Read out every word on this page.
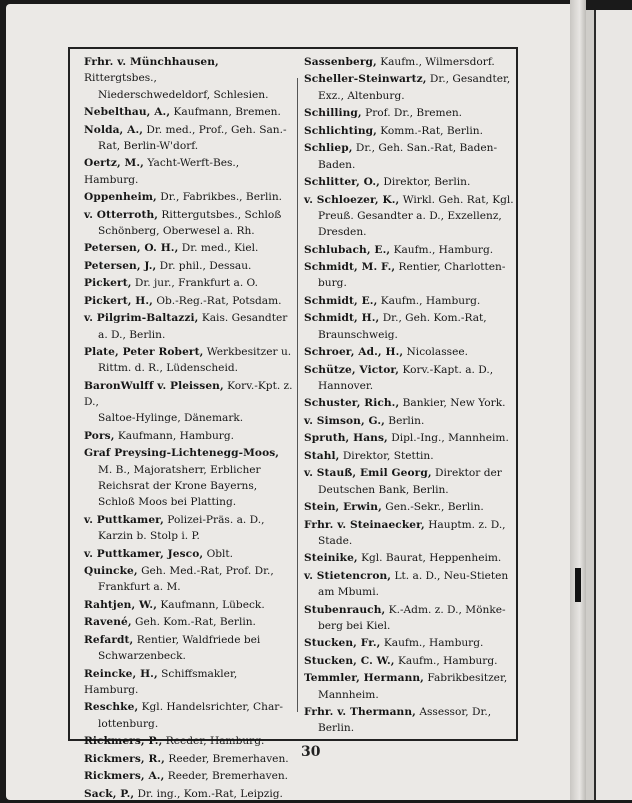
Frhr. v. Münchhausen, Rittergtsbes.,
Niederschwedeldorf, Schlesien.
Nebelthau, A., Kaufmann, Bremen.
Nolda, A., Dr. med., Prof., Geh. San.-
Rat, Berlin-W'dorf.
Oertz, M., Yacht-Werft-Bes., Hamburg.
Oppenheim, Dr., Fabrikbes., Berlin.
v. Otterroth, Rittergutsbes., Schloß
Schönberg, Oberwesel a. Rh.
Petersen, O. H., Dr. med., Kiel.
Petersen, J., Dr. phil., Dessau.
Pickert, Dr. jur., Frankfurt a. O.
Pickert, H., Ob.-Reg.-Rat, Potsdam.
v. Pilgrim-Baltazzi, Kais. Gesandter
a. D., Berlin.
Plate, Peter Robert, Werkbesitzer u.
Rittm. d. R., Lüdenscheid.
BaronWulff v. Pleissen, Korv.-Kpt. z. D.,
Saltoe-Hylinge, Dänemark.
Pors, Kaufmann, Hamburg.
Graf Preysing-Lichtenegg-Moos,
M. B., Majoratsherr, Erblicher Reichsrat der Krone Bayerns, Schloß Moos bei Platting.
v. Puttkamer, Polizei-Präs. a. D.,
Karzin b. Stolp i. P.
v. Puttkamer, Jesco, Oblt.
Quincke, Geh. Med.-Rat, Prof. Dr.,
Frankfurt a. M.
Rahtjen, W., Kaufmann, Lübeck.
Ravené, Geh. Kom.-Rat, Berlin.
Refardt, Rentier, Waldfriede bei
Schwarzenbeck.
Reincke, H., Schiffsmakler, Hamburg.
Reschke, Kgl. Handelsrichter, Char-
lottenburg.
Rickmers, P., Reeder, Hamburg.
Rickmers, R., Reeder, Bremerhaven.
Rickmers, A., Reeder, Bremerhaven.
Sack, P., Dr. ing., Kom.-Rat, Leipzig.
Sassenberg, Kaufm., Wilmersdorf.
Scheller-Steinwartz, Dr., Gesandter,
Exz., Altenburg.
Schilling, Prof. Dr., Bremen.
Schlichting, Komm.-Rat, Berlin.
Schliep, Dr., Geh. San.-Rat, Baden-
Baden.
Schlitter, O., Direktor, Berlin.
v. Schloezer, K., Wirkl. Geh. Rat, Kgl.
Preuß. Gesandter a. D., Exzellenz, Dresden.
Schlubach, E., Kaufm., Hamburg.
Schmidt, M. F., Rentier, Charlotten-
burg.
Schmidt, E., Kaufm., Hamburg.
Schmidt, H., Dr., Geh. Kom.-Rat,
Braunschweig.
Schroer, Ad., H., Nicolassee.
Schütze, Victor, Korv.-Kapt. a. D.,
Hannover.
Schuster, Rich., Bankier, New York.
v. Simson, G., Berlin.
Spruth, Hans, Dipl.-Ing., Mannheim.
Stahl, Direktor, Stettin.
v. Stauß, Emil Georg, Direktor der
Deutschen Bank, Berlin.
Stein, Erwin, Gen.-Sekr., Berlin.
Frhr. v. Steinaecker, Hauptm. z. D.,
Stade.
Steinike, Kgl. Baurat, Heppenheim.
v. Stietencron, Lt. a. D., Neu-Stieten
am Mbumi.
Stubenrauch, K.-Adm. z. D., Mönke-
berg bei Kiel.
Stucken, Fr., Kaufm., Hamburg.
Stucken, C. W., Kaufm., Hamburg.
Temmler, Hermann, Fabrikbesitzer,
Mannheim.
Frhr. v. Thermann, Assessor, Dr.,
Berlin.
30
